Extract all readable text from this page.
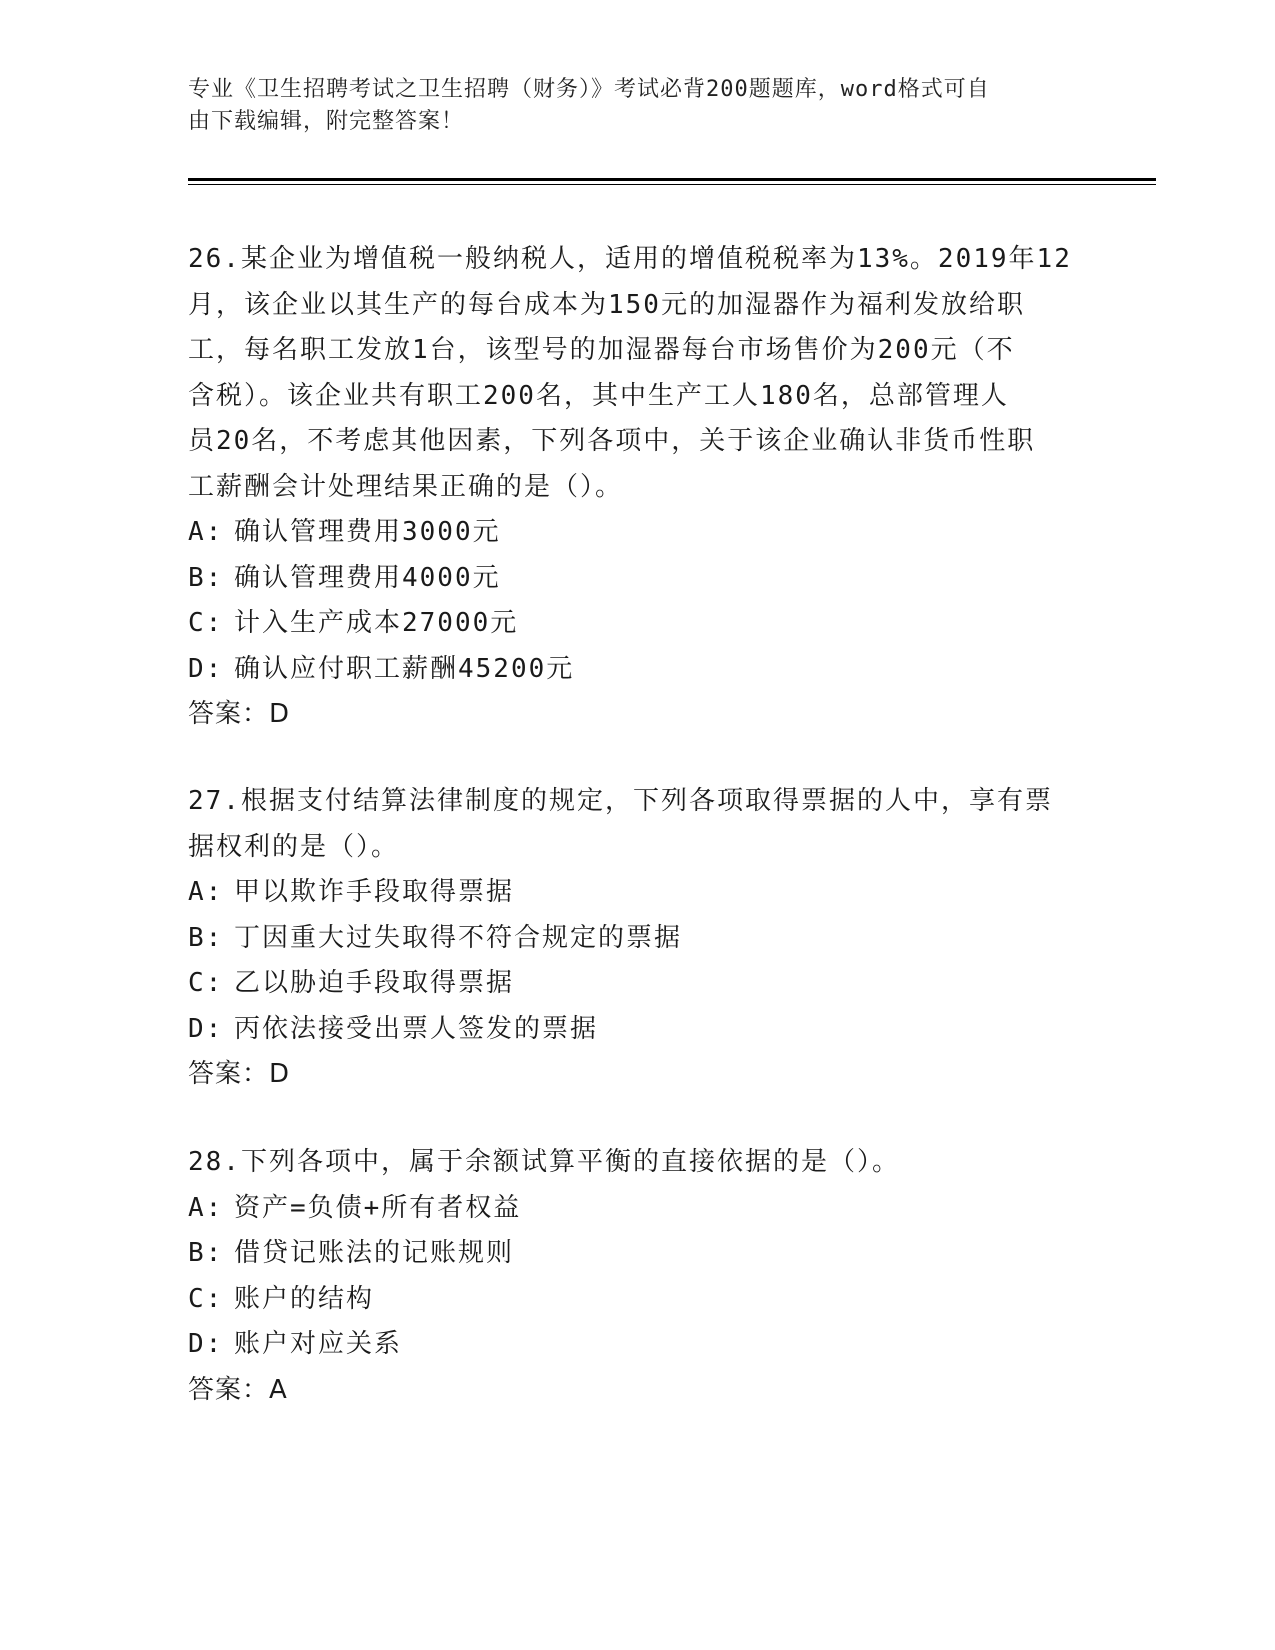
专业《卫生招聘考试之卫生招聘（财务）》考试必背200题题库，word格式可自
由下载编辑，附完整答案！

26.某企业为增值税一般纳税人，适用的增值税税率为13%。2019年12

月，该企业以其生产的每台成本为150元的加湿器作为福利发放给职

工，每名职工发放1台，该型号的加湿器每台市场售价为200元（不

含税）。该企业共有职工200名，其中生产工人180名，总部管理人

员20名，不考虑其他因素，下列各项中，关于该企业确认非货币性职

工薪酬会计处理结果正确的是（）。

A: 确认管理费用3000元

B: 确认管理费用4000元

C: 计入生产成本27000元

D: 确认应付职工薪酬45200元

答案：D

27.根据支付结算法律制度的规定，下列各项取得票据的人中，享有票

据权利的是（）。

A: 甲以欺诈手段取得票据

B: 丁因重大过失取得不符合规定的票据

C: 乙以胁迫手段取得票据

D: 丙依法接受出票人签发的票据

答案：D

28.下列各项中，属于余额试算平衡的直接依据的是（）。

A: 资产=负债+所有者权益

B: 借贷记账法的记账规则

C: 账户的结构

D: 账户对应关系

答案：A
